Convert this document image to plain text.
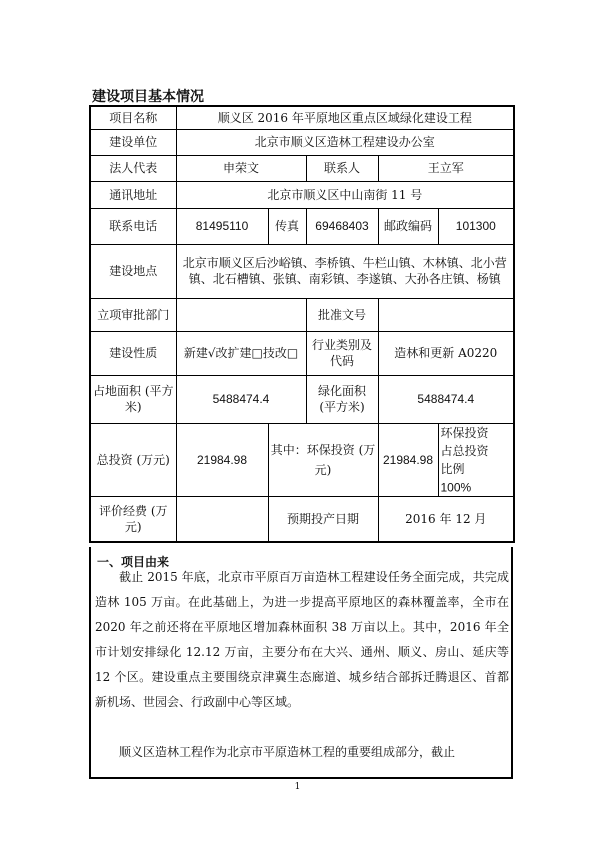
建设项目基本情况
项目名称	顺义区 2016 年平原地区重点区域绿化建设工程				
建设单位	北京市顺义区造林工程建设办公室				
法人代表	申荣文		联系人	王立军	
通讯地址	北京市顺义区中山南街 11 号				
联系电话	81495110	传真	69468403	邮政编码	101300
建设地点	北京市顺义区后沙峪镇、李桥镇、牛栏山镇、木林镇、北小营镇、北石槽镇、张镇、南彩镇、李遂镇、大孙各庄镇、杨镇				
立项审批部门			批准文号		
建设性质	新建√改扩建□技改□		行业类别及代码	造林和更新 A0220	
占地面积 (平方米)	5488474.4		绿化面积 (平方米)	5488474.4	
总投资 (万元)	21984.98	其中：环保投资 (万元)		21984.98	环保投资占总投资比例100%
评价经费 (万元)		预期投产日期		2016 年 12 月	
一、项目由来
截止 2015 年底，北京市平原百万亩造林工程建设任务全面完成，共完成造林 105 万亩。在此基础上，为进一步提高平原地区的森林覆盖率，全市在 2020 年之前还将在平原地区增加森林面积 38 万亩以上。其中，2016 年全市计划安排绿化 12.12 万亩，主要分布在大兴、通州、顺义、房山、延庆等 12 个区。建设重点主要围绕京津冀生态廊道、城乡结合部拆迁腾退区、首都新机场、世园会、行政副中心等区域。
顺义区造林工程作为北京市平原造林工程的重要组成部分，截止
1
